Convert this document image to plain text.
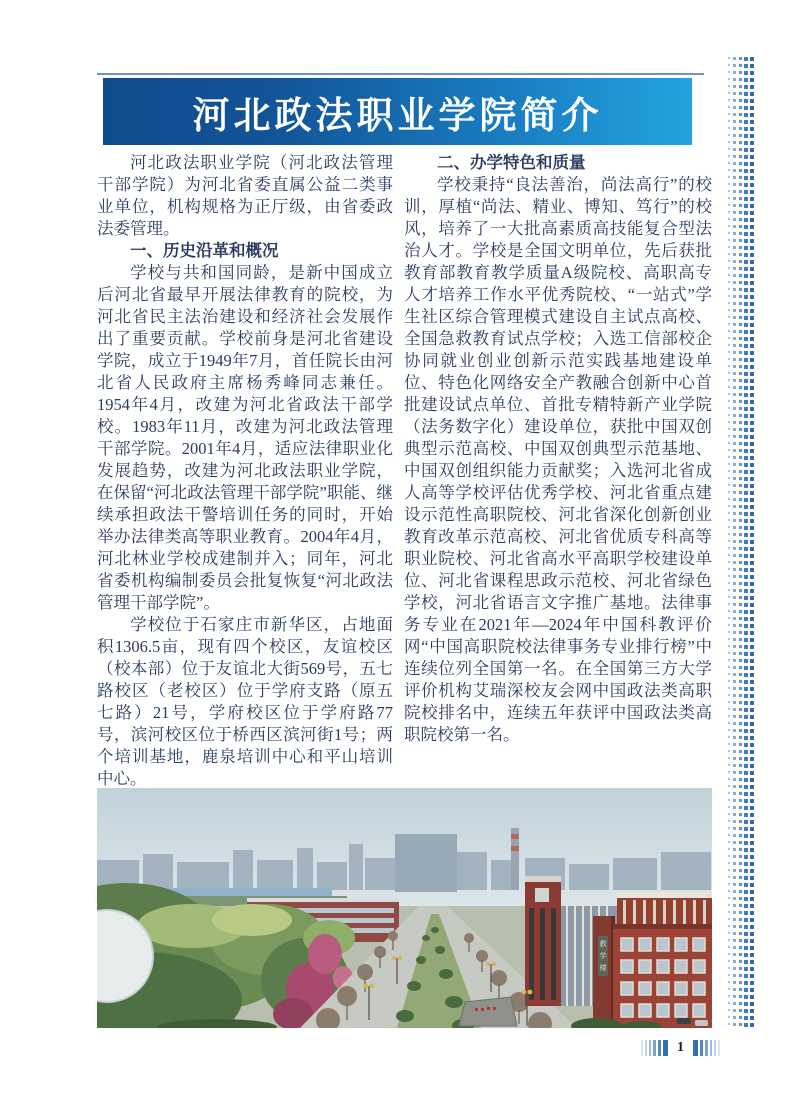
河北政法职业学院简介

河北政法职业学院（河北政法管理干部学院）为河北省委直属公益二类事业单位，机构规格为正厅级，由省委政法委管理。

一、历史沿革和概况

学校与共和国同龄，是新中国成立后河北省最早开展法律教育的院校，为河北省民主法治建设和经济社会发展作出了重要贡献。学校前身是河北省建设学院，成立于1949年7月，首任院长由河北省人民政府主席杨秀峰同志兼任。1954年4月，改建为河北省政法干部学校。1983年11月，改建为河北政法管理干部学院。2001年4月，适应法律职业化发展趋势，改建为河北政法职业学院，在保留“河北政法管理干部学院”职能、继续承担政法干警培训任务的同时，开始举办法律类高等职业教育。2004年4月，河北林业学校成建制并入；同年，河北省委机构编制委员会批复恢复“河北政法管理干部学院”。

学校位于石家庄市新华区，占地面积1306.5亩，现有四个校区，友谊校区（校本部）位于友谊北大街569号，五七路校区（老校区）位于学府支路（原五七路）21号，学府校区位于学府路77号，滨河校区位于桥西区滨河街1号；两个培训基地，鹿泉培训中心和平山培训中心。

二、办学特色和质量

学校秉持“良法善治，尚法高行”的校训，厚植“尚法、精业、博知、笃行”的校风，培养了一大批高素质高技能复合型法治人才。学校是全国文明单位，先后获批教育部教育教学质量A级院校、高职高专人才培养工作水平优秀院校、“一站式”学生社区综合管理模式建设自主试点高校、全国急救教育试点学校；入选工信部校企协同就业创业创新示范实践基地建设单位、特色化网络安全产教融合创新中心首批建设试点单位、首批专精特新产业学院（法务数字化）建设单位，获批中国双创典型示范高校、中国双创典型示范基地、中国双创组织能力贡献奖；入选河北省成人高等学校评估优秀学校、河北省重点建设示范性高职院校、河北省深化创新创业教育改革示范高校、河北省优质专科高等职业院校、河北省高水平高职学校建设单位、河北省课程思政示范校、河北省绿色学校，河北省语言文字推广基地。法律事务专业在2021年—2024年中国科教评价网“中国高职院校法律事务专业排行榜”中连续位列全国第一名。在全国第三方大学评价机构艾瑞深校友会网中国政法类高职院校排名中，连续五年获评中国政法类高职院校第一名。

教学楼
1
